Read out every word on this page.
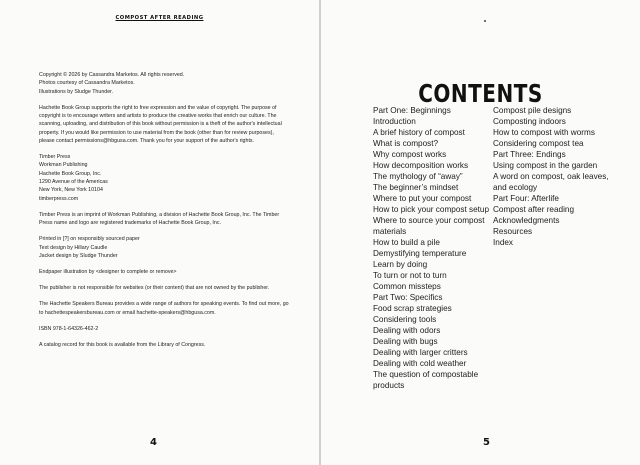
COMPOST AFTER READING

Copyright © 2026 by Cassandra Marketos. All rights reserved.
Photos courtesy of Cassandra Marketos.
Illustrations by Sludge Thunder.

Hachette Book Group supports the right to free expression and the value of copyright. The purpose of copyright is to encourage writers and artists to produce the creative works that enrich our culture. The scanning, uploading, and distribution of this book without permission is a theft of the author's intellectual property. If you would like permission to use material from the book (other than for review purposes), please contact permissions@hbgusa.com. Thank you for your support of the author's rights.

Timber Press
Workman Publishing
Hachette Book Group, Inc.
1290 Avenue of the Americas
New York, New York 10104
timberpress.com

Timber Press is an imprint of Workman Publishing, a division of Hachette Book Group, Inc. The Timber Press name and logo are registered trademarks of Hachette Book Group, Inc.

Printed in [?] on responsibly sourced paper
Text design by Hillary Caudle
Jacket design by Sludge Thunder

Endpaper illustration by <designer to complete or remove>

The publisher is not responsible for websites (or their content) that are not owned by the publisher.

The Hachette Speakers Bureau provides a wide range of authors for speaking events. To find out more, go to hachettespeakersbureau.com or email hachette-speakers@hbgusa.com.

ISBN 978-1-64326-462-2

A catalog record for this book is available from the Library of Congress.

4
CONTENTS
Part One: Beginnings
Introduction
A brief history of compost
What is compost?
Why compost works
How decomposition works
The mythology of “away”
The beginner’s mindset
Where to put your compost
How to pick your compost setup
Where to source your compost materials
How to build a pile
Demystifying temperature
Learn by doing
To turn or not to turn
Common missteps
Part Two: Specifics
Food scrap strategies
Considering tools
Dealing with odors
Dealing with bugs
Dealing with larger critters
Dealing with cold weather
The question of compostable products
Compost pile designs
Composting indoors
How to compost with worms
Considering compost tea
Part Three: Endings
Using compost in the garden
A word on compost, oak leaves, and ecology
Part Four: Afterlife
Compost after reading
Acknowledgments
Resources
Index
5
